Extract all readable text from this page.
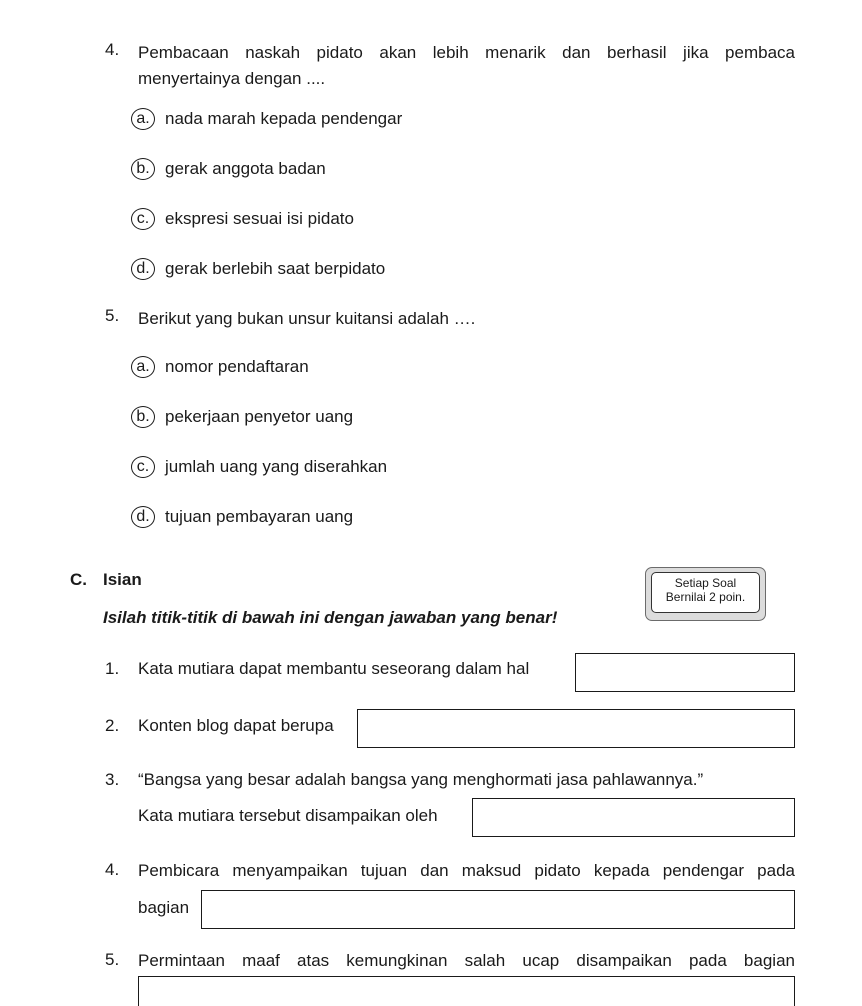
4. Pembacaan naskah pidato akan lebih menarik dan berhasil jika pembaca
menyertainya dengan ....
a. nada marah kepada pendengar
b. gerak anggota badan
c. ekspresi sesuai isi pidato
d. gerak berlebih saat berpidato
5. Berikut yang bukan unsur kuitansi adalah ….
a. nomor pendaftaran
b. pekerjaan penyetor uang
c. jumlah uang yang diserahkan
d. tujuan pembayaran uang
C. Isian
Isilah titik-titik di bawah ini dengan jawaban yang benar!
Setiap Soal
Bernilai 2 poin.
1. Kata mutiara dapat membantu seseorang dalam hal
2. Konten blog dapat berupa
3. “Bangsa yang besar adalah bangsa yang menghormati jasa pahlawannya.”
Kata mutiara tersebut disampaikan oleh
4. Pembicara menyampaikan tujuan dan maksud pidato kepada pendengar pada
bagian
5. Permintaan maaf atas kemungkinan salah ucap disampaikan pada bagian
